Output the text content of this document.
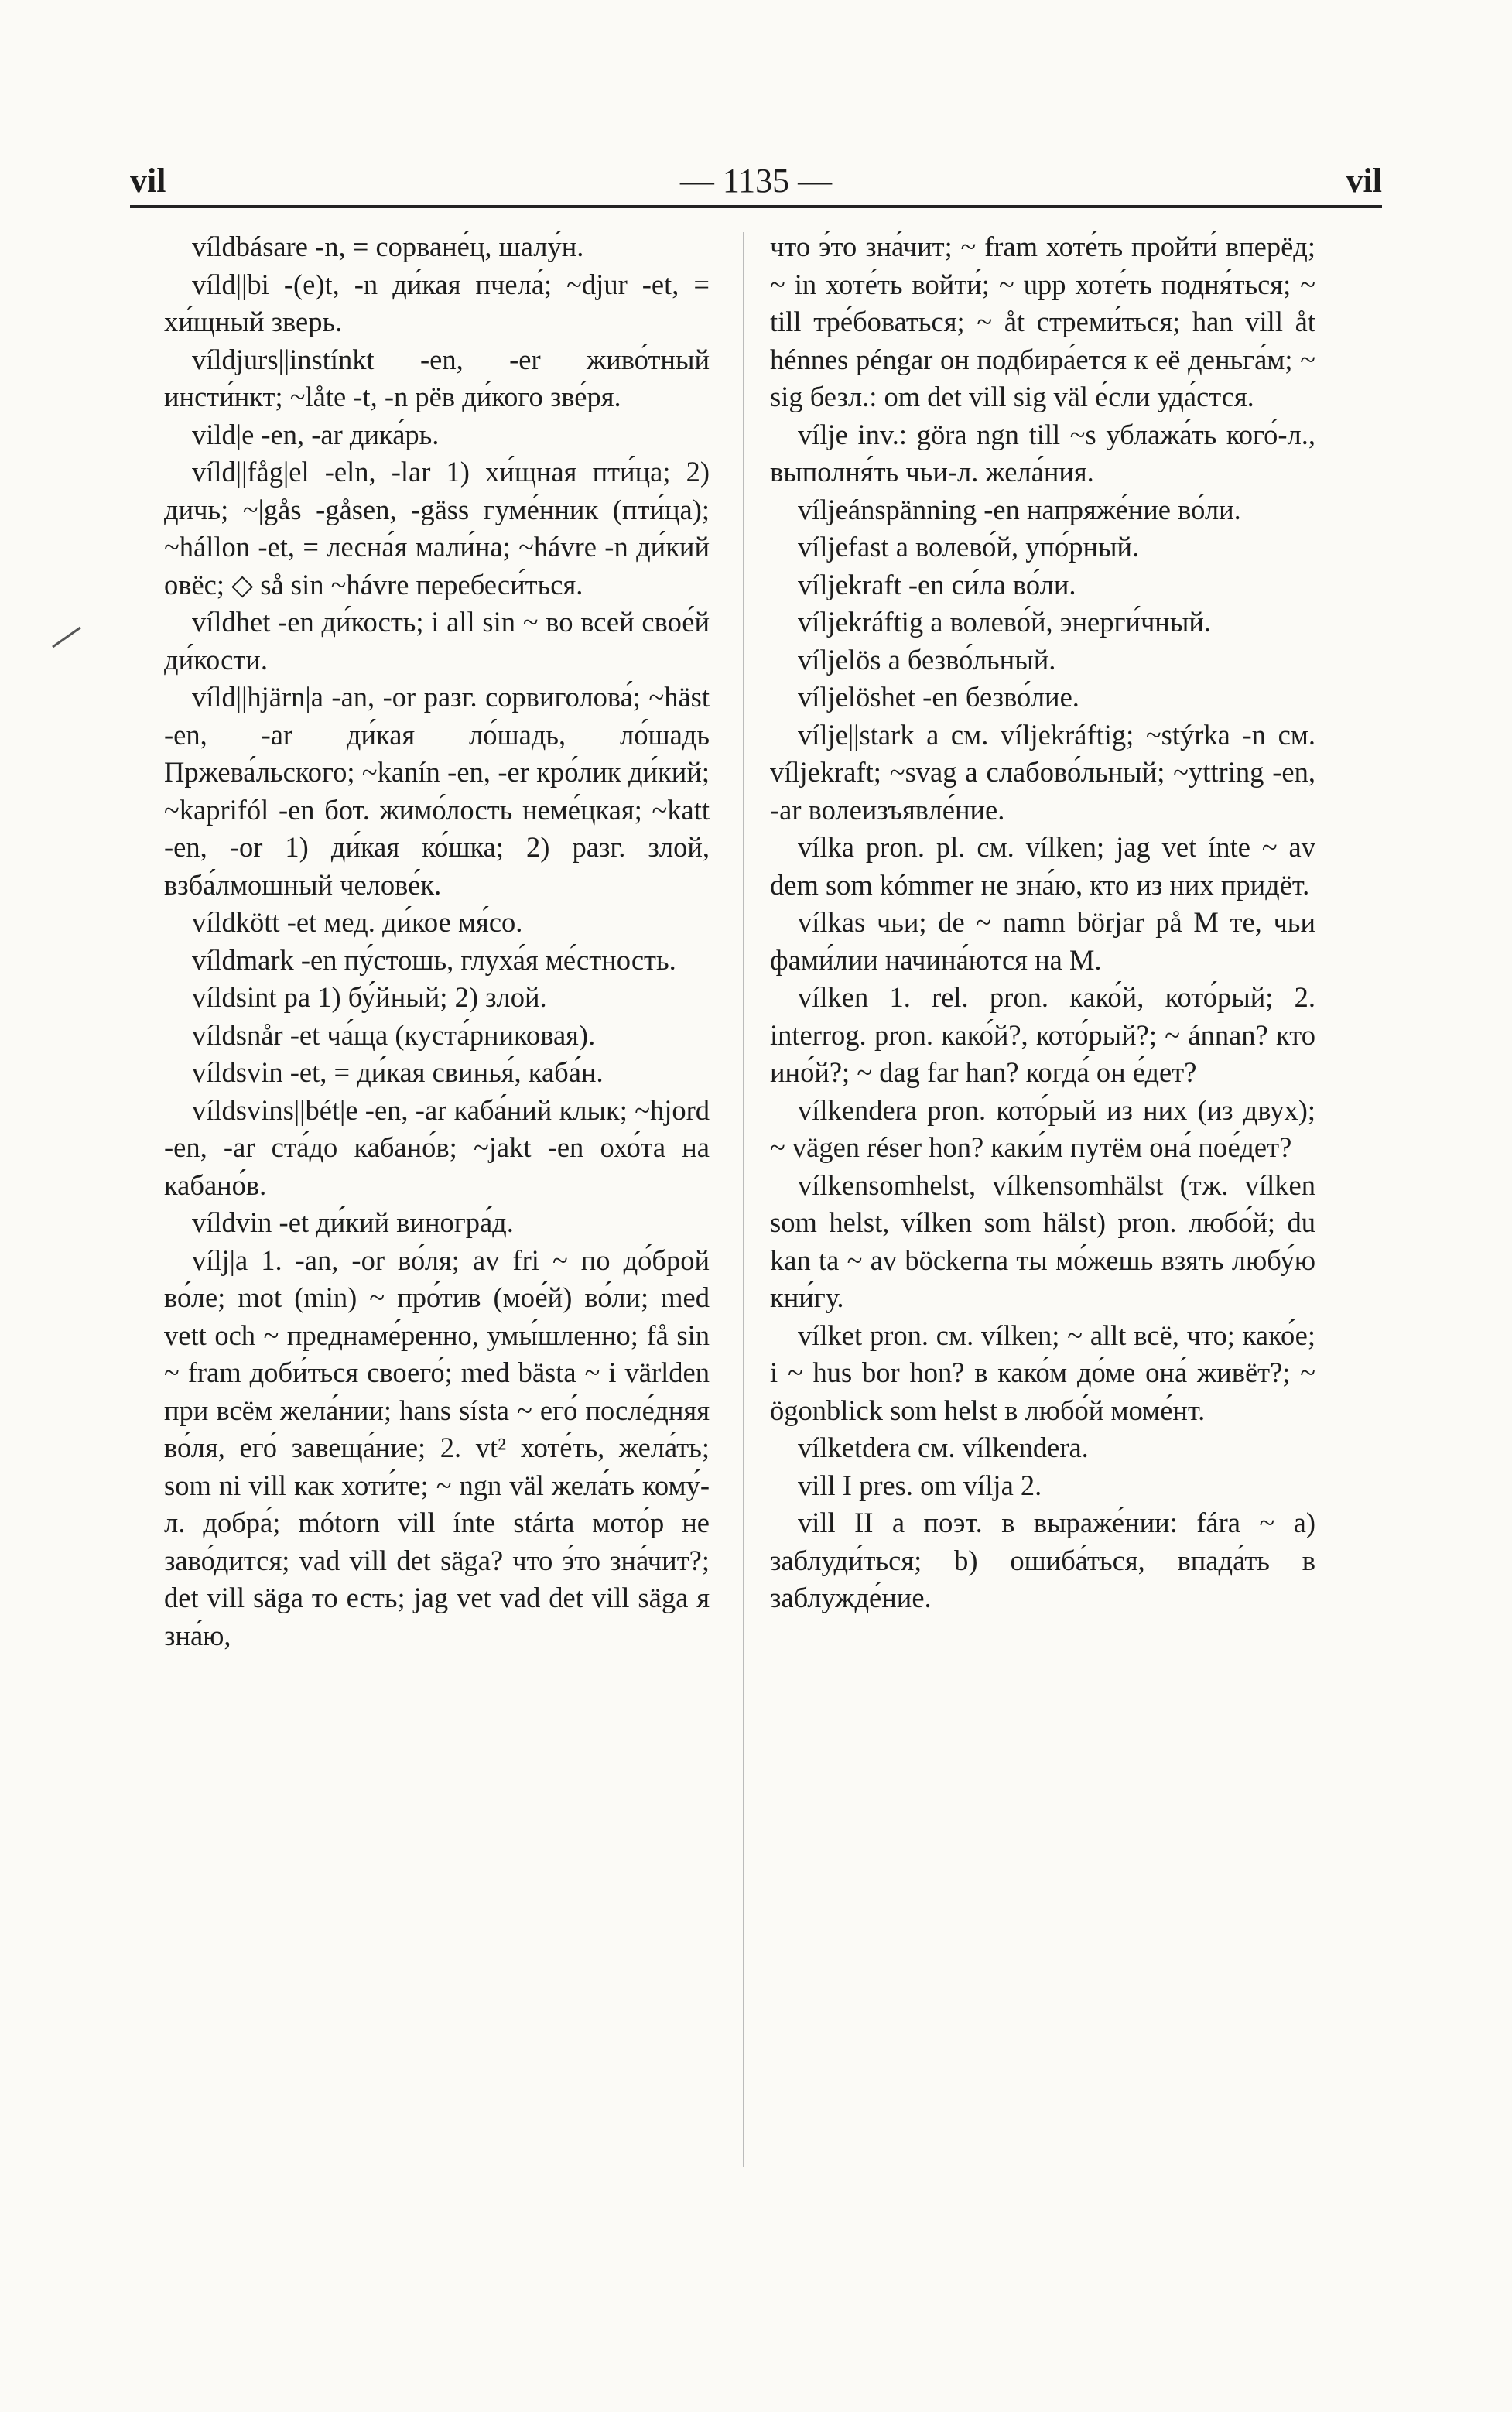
vil	— 1135 —	vil

víldbásare -n, = сорване́ц, шалу́н.

víld||bi -(e)t, -n ди́кая пчела́; ~djur -et, = хи́щный зверь.

víldjurs||instínkt -en, -er живо́тный инсти́нкт; ~låte -t, -n рёв ди́кого зве́ря.

vild|e -en, -ar дика́рь.

víld||fåg|el -eln, -lar 1) хи́щная пти́ца; 2) дичь; ~|gås -gåsen, -gäss гуме́нник (пти́ца); ~hállon -et, = лесна́я мали́на; ~hávre -n ди́кий овёс; ◇ så sin ~hávre перебеси́ться.

víldhet -en ди́кость; i all sin ~ во всей свое́й ди́кости.

víld||hjärn|a -an, -or разг. сорвиголова́; ~häst -en, -ar ди́кая ло́шадь, ло́шадь Пржева́льского; ~kanín -en, -er кро́лик ди́кий; ~kaprifól -en бот. жимо́лость неме́цкая; ~katt -en, -or 1) ди́кая ко́шка; 2) разг. злой, взба́лмошный челове́к.

víldkött -et мед. ди́кое мя́со.

víldmark -en пу́стошь, глуха́я ме́стность.

víldsint pa 1) бу́йный; 2) злой.

víldsnår -et ча́ща (куста́рниковая).

víldsvin -et, = ди́кая свинья́, каба́н.

víldsvins||bét|e -en, -ar каба́ний клык; ~hjord -en, -ar ста́до кабано́в; ~jakt -en охо́та на кабано́в.

víldvin -et ди́кий виногра́д.

vílj|a 1. -an, -or во́ля; av fri ~ по до́брой во́ле; mot (min) ~ про́тив (мое́й) во́ли; med vett och ~ преднаме́ренно, умы́шленно; få sin ~ fram доби́ться своего́; med bästa ~ i världen при всём жела́нии; hans sísta ~ его́ после́дняя во́ля, его́ завеща́ние; 2. vt² хоте́ть, жела́ть; som ni vill как хоти́те; ~ ngn väl жела́ть кому́-л. добра́; mótorn vill ínte stárta мото́р не заво́дится; vad vill det säga? что э́то зна́чит?; det vill säga то есть; jag vet vad det vill säga я зна́ю,

что э́то зна́чит; ~ fram хоте́ть пройти́ вперёд; ~ in хоте́ть войти́; ~ upp хоте́ть подня́ться; ~ till тре́боваться; ~ åt стреми́ться; han vill åt hénnes péngar он подбира́ется к её деньга́м; ~ sig безл.: om det vill sig väl е́сли уда́стся.

vílje inv.: göra ngn till ~s ублажа́ть кого́-л., выполня́ть чьи-л. жела́ния.

víljeánspänning -en напряже́ние во́ли.

víljefast a волево́й, упо́рный.

víljekraft -en си́ла во́ли.

víljekráftig a волево́й, энерги́чный.

víljelös a безво́льный.

víljelöshet -en безво́лие.

vílje||stark a см. víljekráftig; ~stýrka -n см. víljekraft; ~svag a слабово́льный; ~yttring -en, -ar волеизъявле́ние.

vílka pron. pl. см. vílken; jag vet ínte ~ av dem som kómmer не зна́ю, кто из них придёт.

vílkas чьи; de ~ namn börjar på M те, чьи фами́лии начина́ются на М.

vílken 1. rel. pron. како́й, кото́рый; 2. interrog. pron. како́й?, кото́рый?; ~ ánnan? кто ино́й?; ~ dag far han? когда́ он е́дет?

vílkendera pron. кото́рый из них (из двух); ~ vägen réser hon? каки́м путём она́ пое́дет?

vílkensomhelst, vílkensomhälst (тж. vílken som helst, vílken som hälst) pron. любо́й; du kan ta ~ av böckerna ты мо́жешь взять любу́ю кни́гу.

vílket pron. см. vílken; ~ allt всё, что; како́е; i ~ hus bor hon? в како́м до́ме она́ живёт?; ~ ögonblick som helst в любо́й моме́нт.

vílketdera см. vílkendera.

vill I pres. om vílja 2.

vill II a поэт. в выраже́нии: fára ~ a) заблуди́ться; b) ошиба́ться, впада́ть в заблужде́ние.
